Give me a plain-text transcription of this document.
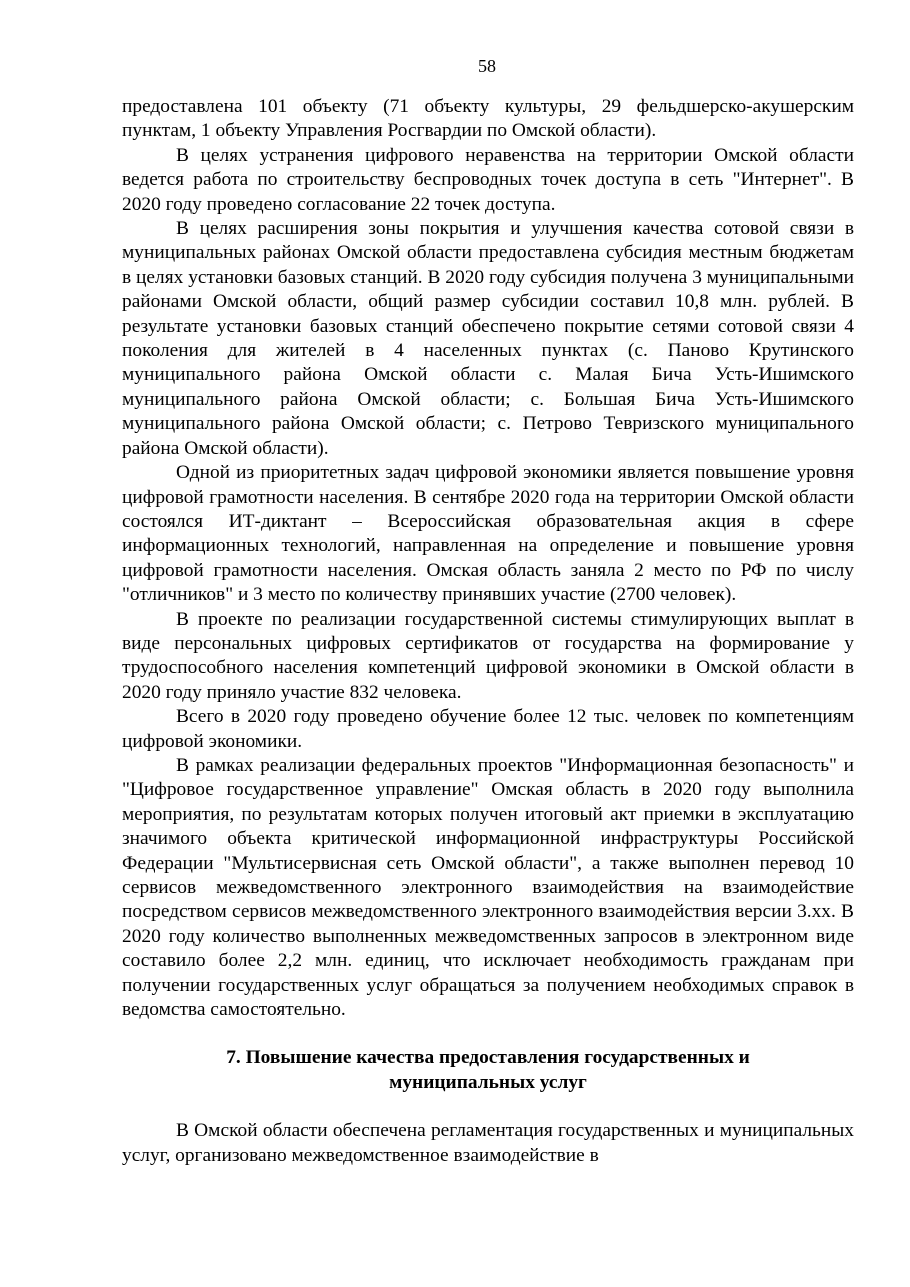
58

предоставлена 101 объекту (71 объекту культуры, 29 фельдшерско-акушерским пунктам, 1 объекту Управления Росгвардии по Омской области).

В целях устранения цифрового неравенства на территории Омской области ведется работа по строительству беспроводных точек доступа в сеть "Интернет". В 2020 году проведено согласование 22 точек доступа.

В целях расширения зоны покрытия и улучшения качества сотовой связи в муниципальных районах Омской области предоставлена субсидия местным бюджетам в целях установки базовых станций. В 2020 году субсидия получена 3 муниципальными районами Омской области, общий размер субсидии составил 10,8 млн. рублей. В результате установки базовых станций обеспечено покрытие сетями сотовой связи 4 поколения для жителей в 4 населенных пунктах (с. Паново Крутинского муниципального района Омской области с. Малая Бича Усть-Ишимского муниципального района Омской области; с. Большая Бича Усть-Ишимского муниципального района Омской области; с. Петрово Тевризского муниципального района Омской области).

Одной из приоритетных задач цифровой экономики является повышение уровня цифровой грамотности населения. В сентябре 2020 года на территории Омской области состоялся ИТ-диктант – Всероссийская образовательная акция в сфере информационных технологий, направленная на определение и повышение уровня цифровой грамотности населения. Омская область заняла 2 место по РФ по числу "отличников" и 3 место по количеству принявших участие (2700 человек).

В проекте по реализации государственной системы стимулирующих выплат в виде персональных цифровых сертификатов от государства на формирование у трудоспособного населения компетенций цифровой экономики в Омской области в 2020 году приняло участие 832 человека.

Всего в 2020 году проведено обучение более 12 тыс. человек по компетенциям цифровой экономики.

В рамках реализации федеральных проектов "Информационная безопасность" и "Цифровое государственное управление" Омская область в 2020 году выполнила мероприятия, по результатам которых получен итоговый акт приемки в эксплуатацию значимого объекта критической информационной инфраструктуры Российской Федерации "Мультисервисная сеть Омской области", а также выполнен перевод 10 сервисов межведомственного электронного взаимодействия на взаимодействие посредством сервисов межведомственного электронного взаимодействия версии 3.xx. В 2020 году количество выполненных межведомственных запросов в электронном виде составило более 2,2 млн. единиц, что исключает необходимость гражданам при получении государственных услуг обращаться за получением необходимых справок в ведомства самостоятельно.

7. Повышение качества предоставления государственных и
муниципальных услуг

В Омской области обеспечена регламентация государственных и муниципальных услуг, организовано межведомственное взаимодействие в
